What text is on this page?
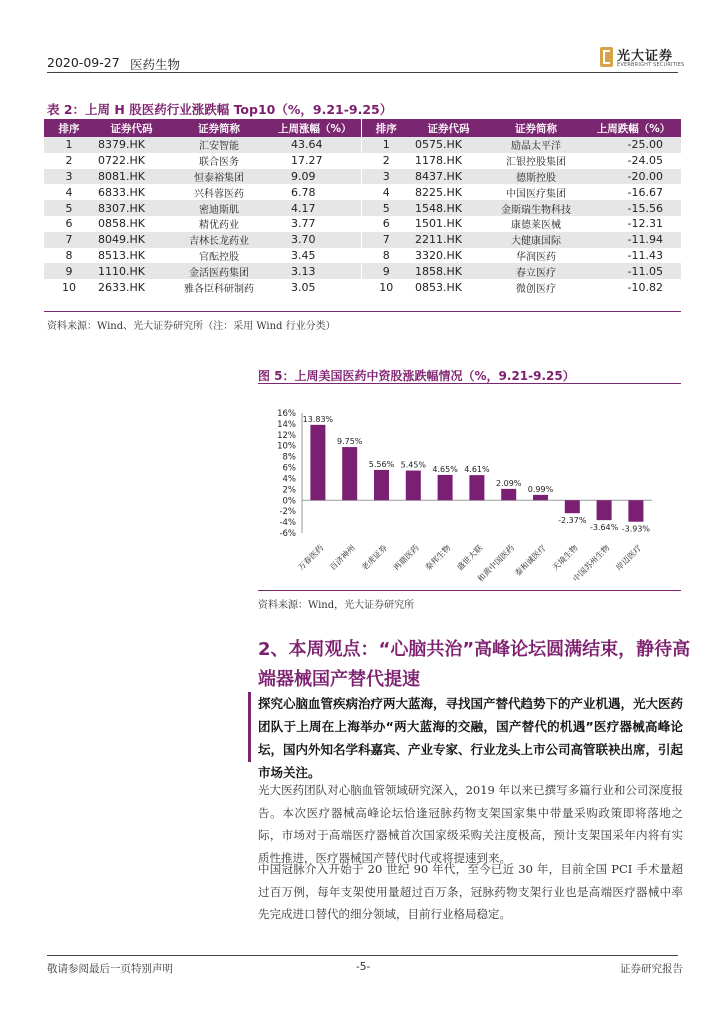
2020-09-27 医药生物
光大证券
EVERBRIGHT SECURITIES
表 2：上周 H 股医药行业涨跌幅 Top10（%，9.21-9.25）
排序	证券代码	证券简称	上周涨幅（%）	排序	证券代码	证券简称	上周跌幅（%）
1	8379.HK	汇安智能	43.64	1	0575.HK	励晶太平洋	-25.00
2	0722.HK	联合医务	17.27	2	1178.HK	汇银控股集团	-24.05
3	8081.HK	恒泰裕集团	9.09	3	8437.HK	德斯控股	-20.00
4	6833.HK	兴科蓉医药	6.78	4	8225.HK	中国医疗集团	-16.67
5	8307.HK	密迪斯肌	4.17	5	1548.HK	金斯瑞生物科技	-15.56
6	0858.HK	精优药业	3.77	6	1501.HK	康德莱医械	-12.31
7	8049.HK	吉林长龙药业	3.70	7	2211.HK	大健康国际	-11.94
8	8513.HK	官酝控股	3.45	8	3320.HK	华润医药	-11.43
9	1110.HK	金活医药集团	3.13	9	1858.HK	春立医疗	-11.05
10	2633.HK	雅各臣科研制药	3.05	10	0853.HK	微创医疗	-10.82
资料来源：Wind、光大证券研究所（注：采用 Wind 行业分类）
图 5：上周美国医药中资股涨跌幅情况（%，9.21-9.25）
16%
14%
12%
10%
8%
6%
4%
2%
0%
-2%
-4%
-6%
13.83%
万春医药
9.75%
百济神州
5.56%
老虎证券
5.45%
再鼎医药
4.65%
泰邦生物
4.61%
盛世大联
2.09%
和黄中国医药
0.99%
泰和诚医疗
-2.37%
天境生物
-3.64%
中国苏州生物
-3.93%
岸迈医疗
资料来源：Wind，光大证券研究所
2、本周观点：“心脑共治”高峰论坛圆满结束，静待高端器械国产替代提速
探究心脑血管疾病治疗两大蓝海，寻找国产替代趋势下的产业机遇，光大医药团队于上周在上海举办“两大蓝海的交融，国产替代的机遇”医疗器械高峰论坛，国内外知名学科嘉宾、产业专家、行业龙头上市公司高管联袂出席，引起市场关注。
光大医药团队对心脑血管领域研究深入，2019 年以来已撰写多篇行业和公司深度报告。本次医疗器械高峰论坛恰逢冠脉药物支架国家集中带量采购政策即将落地之际，市场对于高端医疗器械首次国家级采购关注度极高，预计支架国采年内将有实质性推进，医疗器械国产替代时代或将提速到来。
中国冠脉介入开始于 20 世纪 90 年代，至今已近 30 年，目前全国 PCI 手术量超过百万例，每年支架使用量超过百万条，冠脉药物支架行业也是高端医疗器械中率先完成进口替代的细分领域，目前行业格局稳定。
敬请参阅最后一页特别声明	-5-	证券研究报告
